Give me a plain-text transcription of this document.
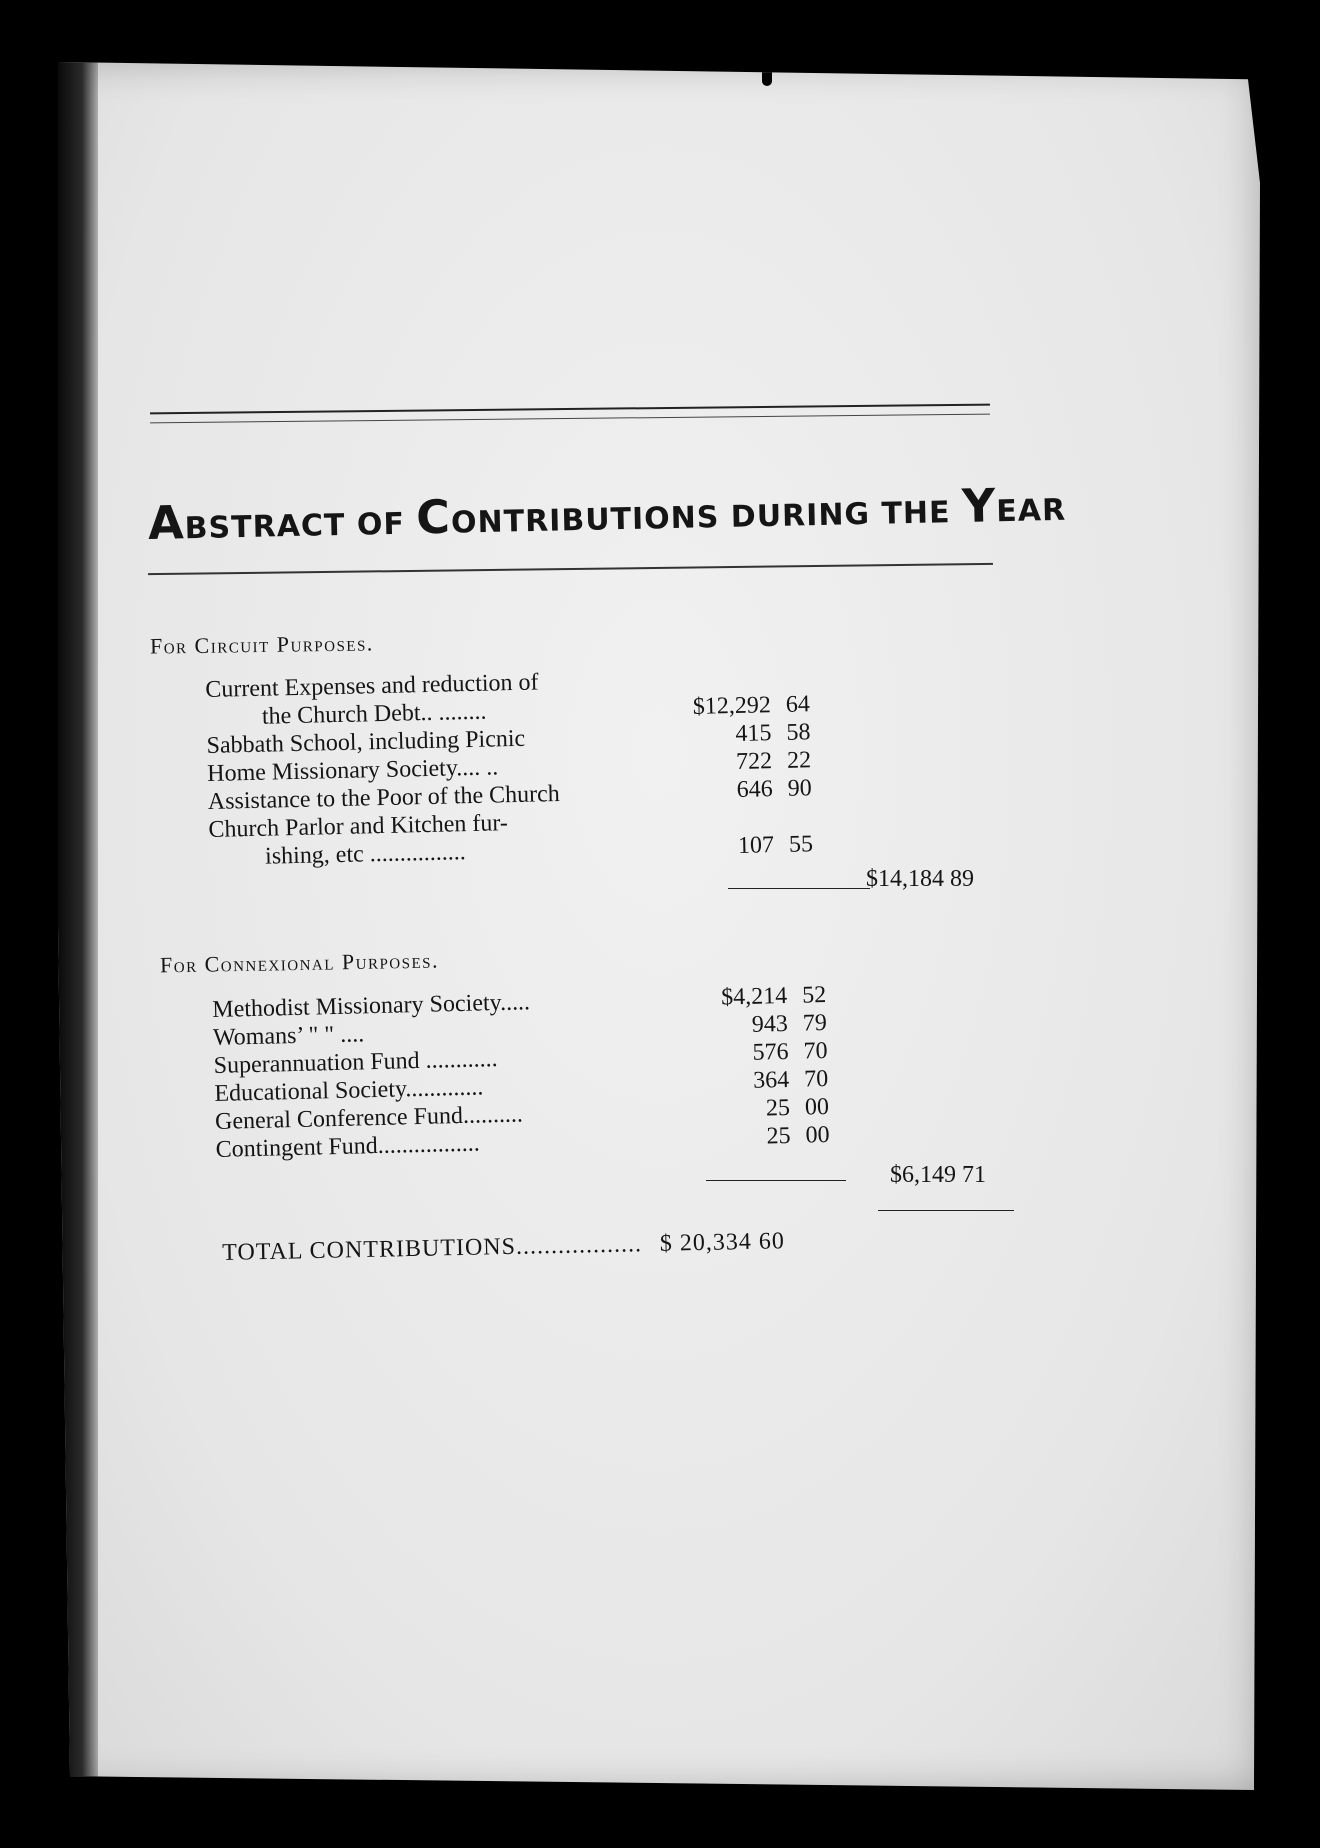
ABSTRACT OF CONTRIBUTIONS DURING THE YEAR
For Circuit Purposes.
Current Expenses and reduction of
the Church Debt.. ........	$12,292 64
Sabbath School, including Picnic	415 58
Home Missionary Society.... ..	722 22
Assistance to the Poor of the Church	646 90
Church Parlor and Kitchen fur-
ishing, etc ................	107 55
$14,184 89
For Connexional Purposes.
Methodist Missionary Society.....	$4,214 52
Womans’ " " ....	943 79
Superannuation Fund ............	576 70
Educational Society.............	364 70
General Conference Fund..........	25 00
Contingent Fund.................	25 00
$6,149 71
TOTAL CONTRIBUTIONS.................. $ 20,334 60
